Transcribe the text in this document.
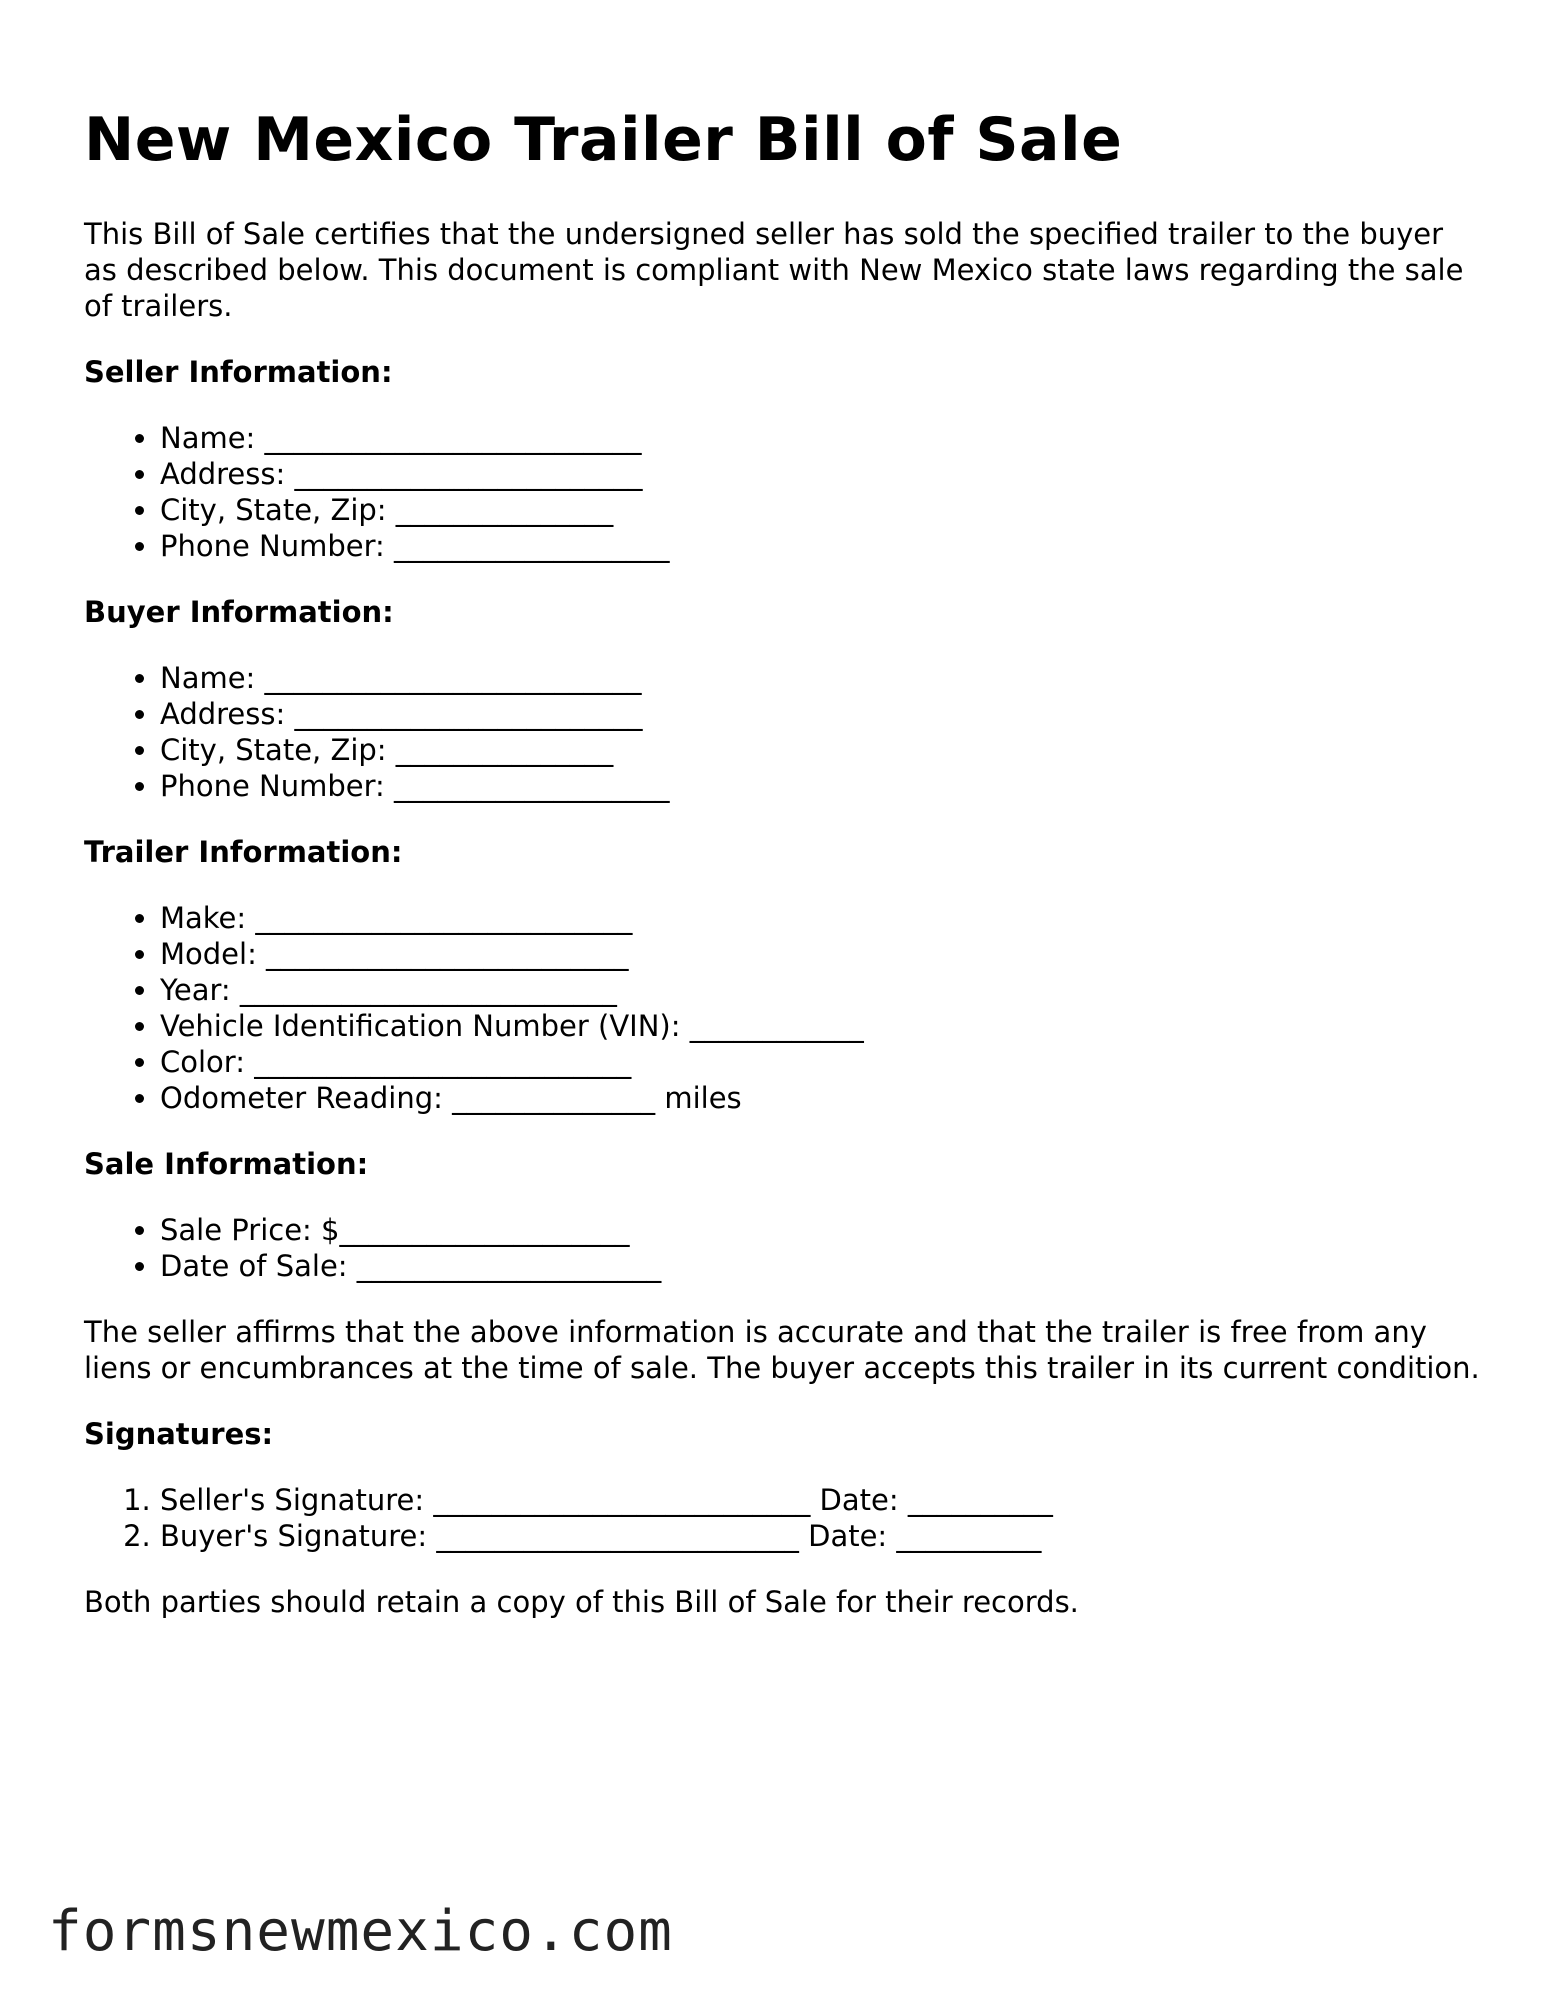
New Mexico Trailer Bill of Sale

This Bill of Sale certifies that the undersigned seller has sold the specified trailer to the buyer as described below. This document is compliant with New Mexico state laws regarding the sale of trailers.

Seller Information:
• Name: __________________________
• Address: ________________________
• City, State, Zip: _______________
• Phone Number: ___________________
Buyer Information:
• Name: __________________________
• Address: ________________________
• City, State, Zip: _______________
• Phone Number: ___________________
Trailer Information:
• Make: __________________________
• Model: _________________________
• Year: __________________________
• Vehicle Identification Number (VIN): ____________
• Color: __________________________
• Odometer Reading: ______________ miles
Sale Information:
• Sale Price: $____________________
• Date of Sale: _____________________

The seller affirms that the above information is accurate and that the trailer is free from any liens or encumbrances at the time of sale. The buyer accepts this trailer in its current condition.

Signatures:
1. Seller's Signature: __________________________ Date: __________
2. Buyer's Signature: _________________________ Date: __________

Both parties should retain a copy of this Bill of Sale for their records.

formsnewmexico.com
